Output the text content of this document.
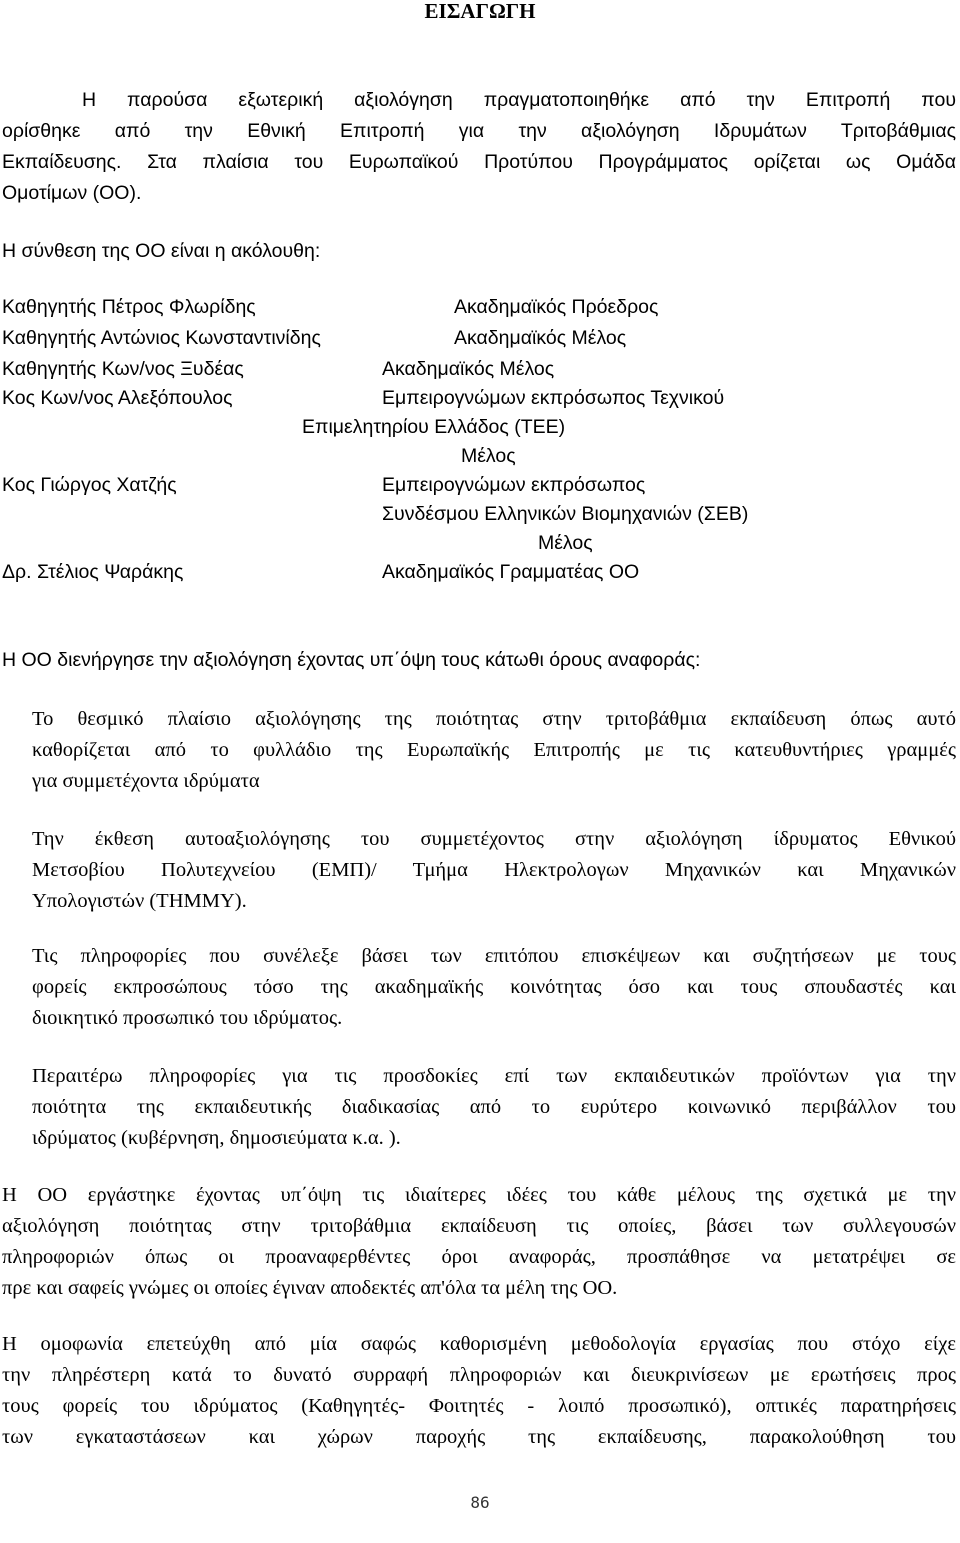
ΕΙΣΑΓΩΓΗ
Η παρούσα εξωτερική αξιολόγηση πραγματοποιηθήκε από την Επιτροπή που
ορίσθηκε από την Εθνική Επιτροπή για την αξιολόγηση Ιδρυμάτων Τριτοβάθμιας
Εκπαίδευσης. Στα πλαίσια του Ευρωπαϊκού Προτύπου Προγράμματος ορίζεται ως Ομάδα
Ομοτίμων (ΟΟ).
Η σύνθεση της ΟΟ είναι η ακόλουθη:
Καθηγητής Πέτρος Φλωρίδης	Ακαδημαϊκός Πρόεδρος
Καθηγητής Αντώνιος Κωνσταντινίδης	Ακαδημαϊκός Μέλος
Καθηγητής Κων/νος Ξυδέας	Ακαδημαϊκός Μέλος
Κος Κων/νος Αλεξόπουλος	Εμπειρογνώμων εκπρόσωπος Τεχνικού
Επιμελητηρίου Ελλάδος (ΤΕΕ)
Μέλος
Κος Γιώργος Χατζής	Εμπειρογνώμων εκπρόσωπος
Συνδέσμου Ελληνικών Βιομηχανιών (ΣΕΒ)
Μέλος
Δρ. Στέλιος Ψαράκης	Ακαδημαϊκός Γραμματέας ΟΟ
Η ΟΟ διενήργησε την αξιολόγηση έχοντας υπ΄όψη τους κάτωθι όρους αναφοράς:
Το θεσμικό πλαίσιο αξιολόγησης της ποιότητας στην τριτοβάθμια εκπαίδευση όπως αυτό
καθορίζεται από το φυλλάδιο της Ευρωπαϊκής Επιτροπής με τις κατευθυντήριες γραμμές
για συμμετέχοντα ιδρύματα
Την έκθεση αυτοαξιολόγησης του συμμετέχοντος στην αξιολόγηση ίδρυματος Εθνικού
Μετσοβίου Πολυτεχνείου (ΕΜΠ)/ Τμήμα Ηλεκτρολογων Μηχανικών και Μηχανικών
Υπολογιστών (ΤΗΜΜΥ).
Τις πληροφορίες που συνέλεξε βάσει των επιτόπου επισκέψεων και συζητήσεων με τους
φορείς εκπροσώπους τόσο της ακαδημαϊκής κοινότητας όσο και τους σπουδαστές και
διοικητικό προσωπικό του ιδρύματος.
Περαιτέρω πληροφορίες για τις προσδοκίες επί των εκπαιδευτικών προϊόντων για την
ποιότητα της εκπαιδευτικής διαδικασίας από το ευρύτερο κοινωνικό περιβάλλον του
ιδρύματος (κυβέρνηση, δημοσιεύματα κ.α. ).
Η ΟΟ εργάστηκε έχοντας υπ΄όψη τις ιδιαίτερες ιδέες του κάθε μέλους της σχετικά με την
αξιολόγηση ποιότητας στην τριτοβάθμια εκπαίδευση τις οποίες, βάσει των συλλεγουσών
πληροφοριών όπως οι προαναφερθέντες όροι αναφοράς, προσπάθησε να μετατρέψει σε
πρε και σαφείς γνώμες οι οποίες έγιναν αποδεκτές απ'όλα τα μέλη της ΟΟ.
Η ομοφωνία επετεύχθη από μία σαφώς καθορισμένη μεθοδολογία εργασίας που στόχο είχε
την πληρέστερη κατά το δυνατό συρραφή πληροφοριών και διευκρινίσεων με ερωτήσεις προς
τους φορείς του ιδρύματος (Καθηγητές- Φοιτητές - λοιπό προσωπικό), οπτικές παρατηρήσεις
των εγκαταστάσεων και χώρων παροχής της εκπαίδευσης, παρακολούθηση του
86
